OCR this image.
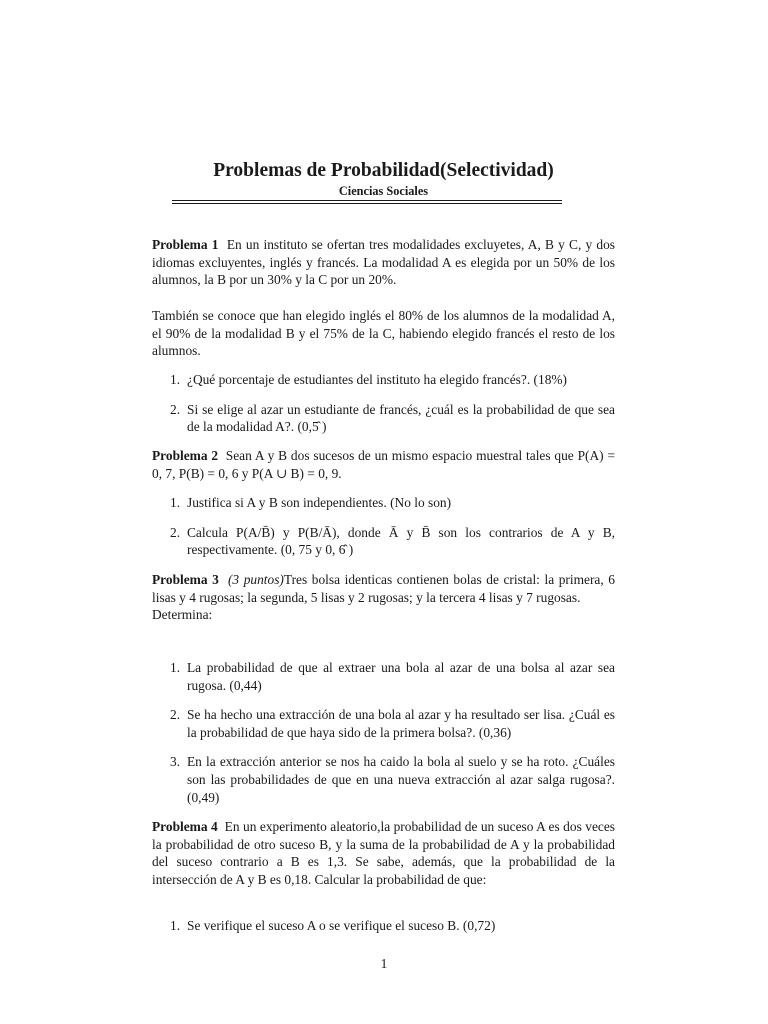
Problemas de Probabilidad(Selectividad)
Ciencias Sociales

Problema 1 En un instituto se ofertan tres modalidades excluyetes, A, B y C, y dos idiomas excluyentes, inglés y francés. La modalidad A es elegida por un 50% de los alumnos, la B por un 30% y la C por un 20%.

También se conoce que han elegido inglés el 80% de los alumnos de la modalidad A, el 90% de la modalidad B y el 75% de la C, habiendo elegido francés el resto de los alumnos.

1. ¿Qué porcentaje de estudiantes del instituto ha elegido francés?. (18%)
2. Si se elige al azar un estudiante de francés, ¿cuál es la probabilidad de que sea de la modalidad A?. (0,5̂ )

Problema 2 Sean A y B dos sucesos de un mismo espacio muestral tales que P(A) = 0, 7, P(B) = 0, 6 y P(A ∪ B) = 0, 9.

1. Justifica si A y B son independientes. (No lo son)
2. Calcula P(A/B̄) y P(B/Ā), donde Ā y B̄ son los contrarios de A y B, respectivamente. (0, 75 y 0, 6̂ )

Problema 3 (3 puntos)Tres bolsa identicas contienen bolas de cristal: la primera, 6 lisas y 4 rugosas; la segunda, 5 lisas y 2 rugosas; y la tercera 4 lisas y 7 rugosas.

Determina:

1. La probabilidad de que al extraer una bola al azar de una bolsa al azar sea rugosa. (0,44)
2. Se ha hecho una extracción de una bola al azar y ha resultado ser lisa. ¿Cuál es la probabilidad de que haya sido de la primera bolsa?. (0,36)
3. En la extracción anterior se nos ha caido la bola al suelo y se ha roto. ¿Cuáles son las probabilidades de que en una nueva extracción al azar salga rugosa?. (0,49)

Problema 4 En un experimento aleatorio,la probabilidad de un suceso A es dos veces la probabilidad de otro suceso B, y la suma de la probabilidad de A y la probabilidad del suceso contrario a B es 1,3. Se sabe, además, que la probabilidad de la intersección de A y B es 0,18. Calcular la probabilidad de que:

1. Se verifique el suceso A o se verifique el suceso B. (0,72)
1
